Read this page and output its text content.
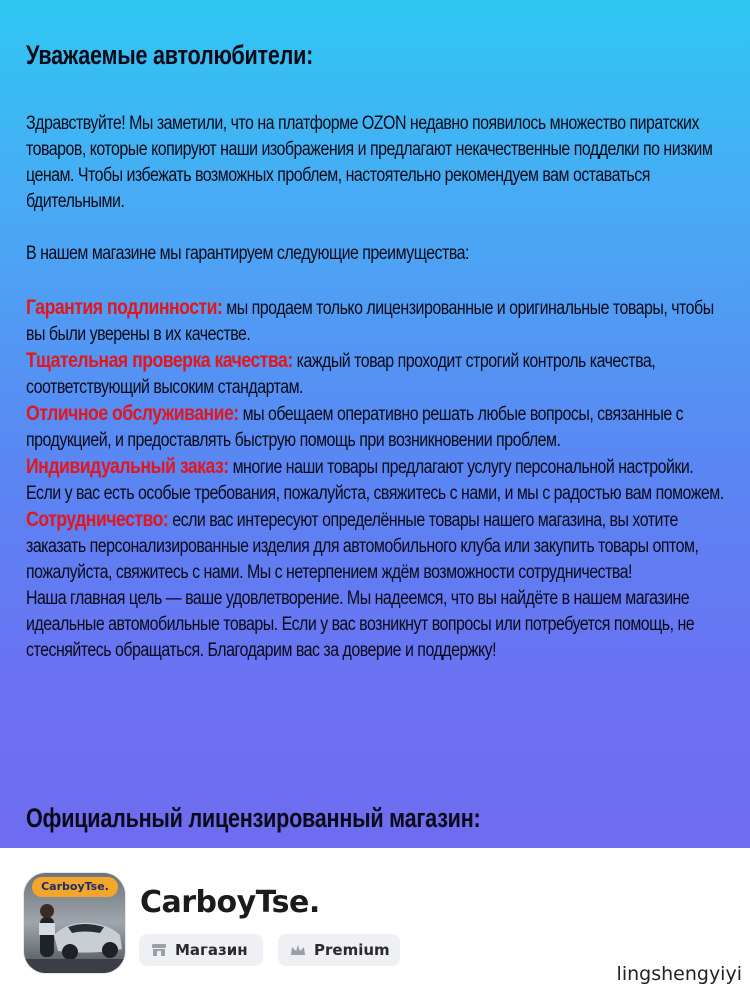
Уважаемые автолюбители:

Здравствуйте! Мы заметили, что на платформе OZON недавно появилось множество пиратских товаров, которые копируют наши изображения и предлагают некачественные подделки по низким ценам. Чтобы избежать возможных проблем, настоятельно рекомендуем вам оставаться бдительными.

В нашем магазине мы гарантируем следующие преимущества:

Гарантия подлинности: мы продаем только лицензированные и оригинальные товары, чтобы вы были уверены в их качестве.

Тщательная проверка качества: каждый товар проходит строгий контроль качества, соответствующий высоким стандартам.

Отличное обслуживание: мы обещаем оперативно решать любые вопросы, связанные с продукцией, и предоставлять быструю помощь при возникновении проблем.

Индивидуальный заказ: многие наши товары предлагают услугу персональной настройки. Если у вас есть особые требования, пожалуйста, свяжитесь с нами, и мы с радостью вам поможем.

Сотрудничество: если вас интересуют определённые товары нашего магазина, вы хотите заказать персонализированные изделия для автомобильного клуба или закупить товары оптом, пожалуйста, свяжитесь с нами. Мы с нетерпением ждём возможности сотрудничества!

Наша главная цель — ваше удовлетворение. Мы надеемся, что вы найдёте в нашем магазине идеальные автомобильные товары. Если у вас возникнут вопросы или потребуется помощь, не стесняйтесь обращаться. Благодарим вас за доверие и поддержку!

Официальный лицензированный магазин:
CarboyTse.	CarboyTse.
Магазин	Premium
lingshengyiyi
